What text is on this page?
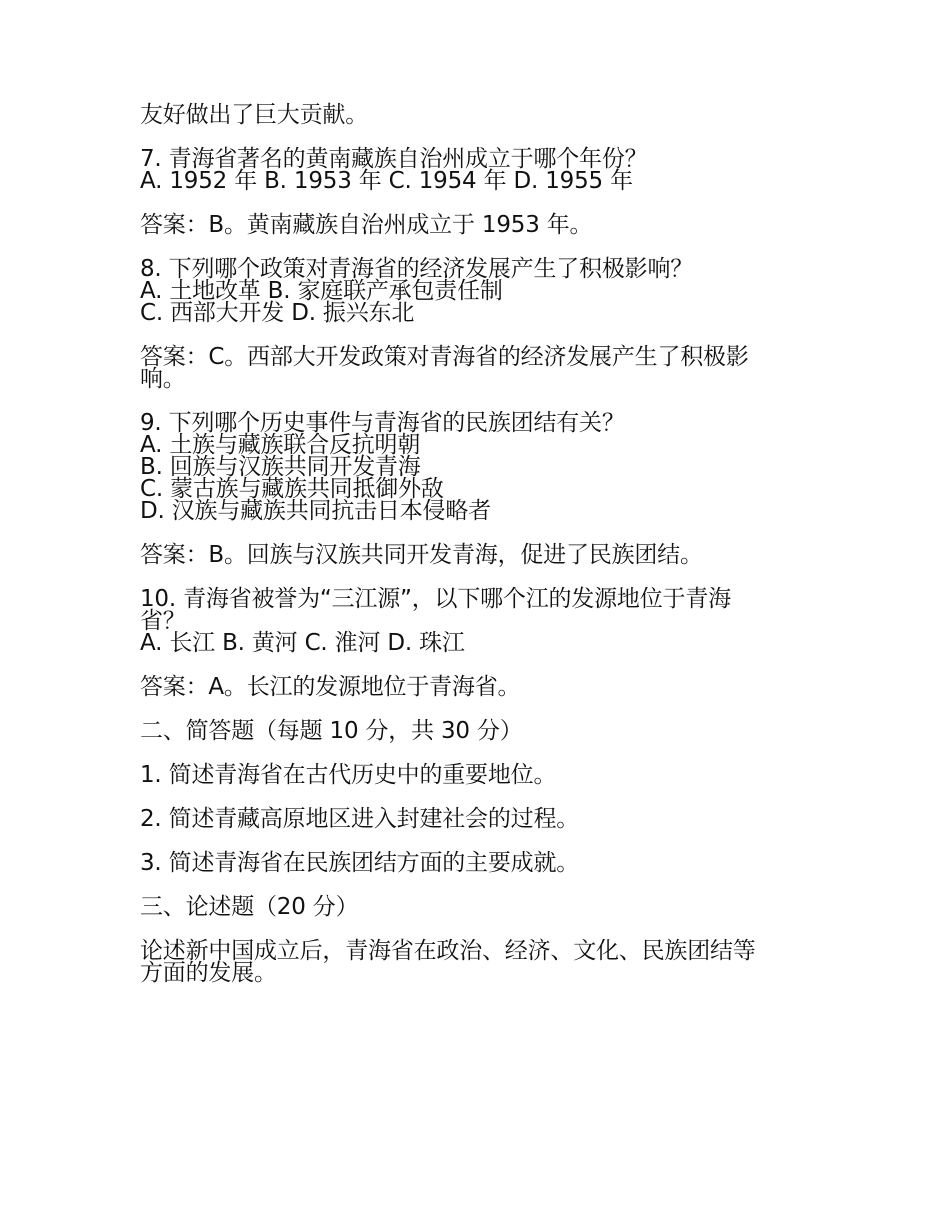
友好做出了巨大贡献。

7. 青海省著名的黄南藏族自治州成立于哪个年份？

A. 1952 年 B. 1953 年 C. 1954 年 D. 1955 年

答案：B。黄南藏族自治州成立于 1953 年。

8. 下列哪个政策对青海省的经济发展产生了积极影响？

A. 土地改革 B. 家庭联产承包责任制
C. 西部大开发 D. 振兴东北

答案：C。西部大开发政策对青海省的经济发展产生了积极影
响。

9. 下列哪个历史事件与青海省的民族团结有关？

A. 土族与藏族联合反抗明朝
B. 回族与汉族共同开发青海
C. 蒙古族与藏族共同抵御外敌
D. 汉族与藏族共同抗击日本侵略者

答案：B。回族与汉族共同开发青海，促进了民族团结。

10. 青海省被誉为“三江源”，以下哪个江的发源地位于青海
省？

A. 长江 B. 黄河 C. 淮河 D. 珠江

答案：A。长江的发源地位于青海省。

二、简答题（每题 10 分，共 30 分）

1. 简述青海省在古代历史中的重要地位。

2. 简述青藏高原地区进入封建社会的过程。

3. 简述青海省在民族团结方面的主要成就。

三、论述题（20 分）

论述新中国成立后，青海省在政治、经济、文化、民族团结等
方面的发展。
